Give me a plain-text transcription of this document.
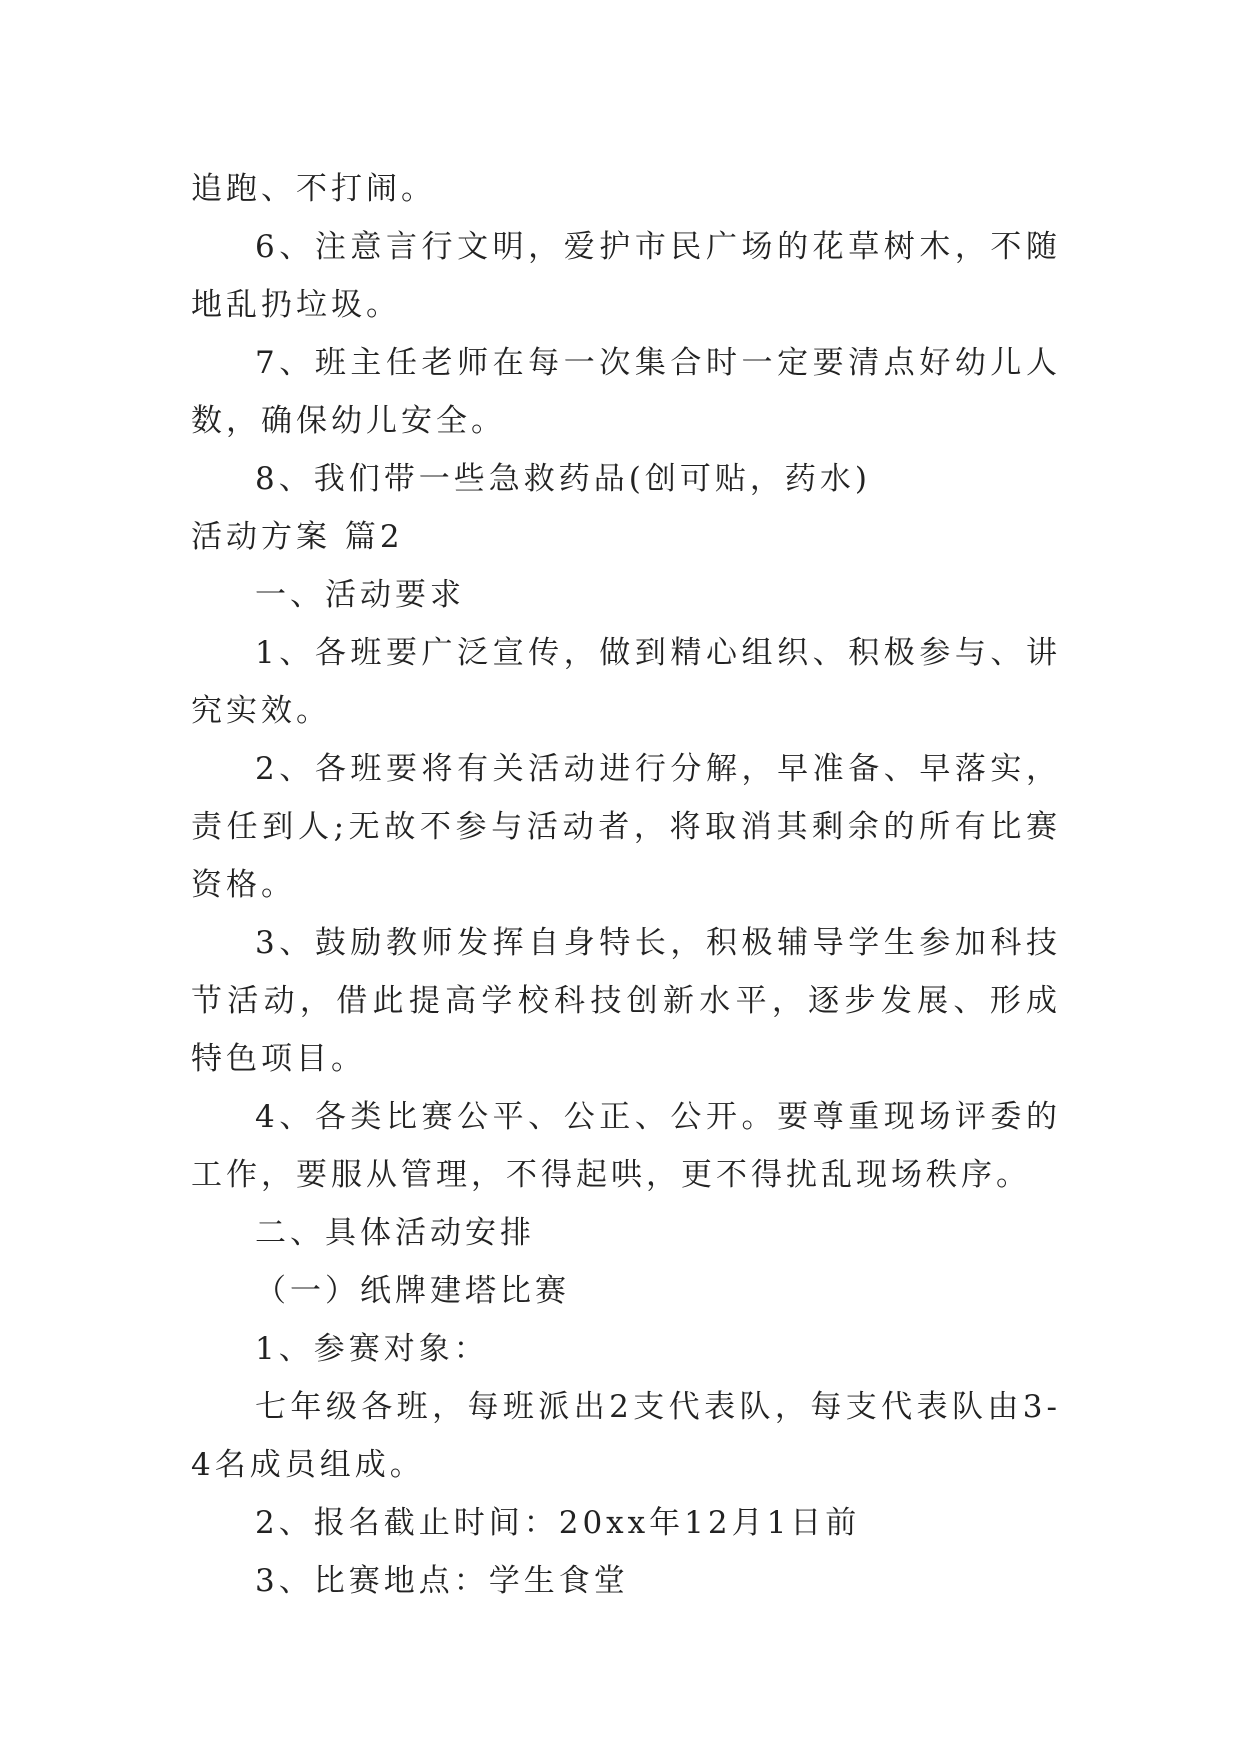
追跑、不打闹。

6、注意言行文明，爱护市民广场的花草树木，不随地乱扔垃圾。

7、班主任老师在每一次集合时一定要清点好幼儿人数，确保幼儿安全。

8、我们带一些急救药品(创可贴，药水)

活动方案 篇2

一、活动要求

1、各班要广泛宣传，做到精心组织、积极参与、讲究实效。

2、各班要将有关活动进行分解，早准备、早落实，责任到人;无故不参与活动者，将取消其剩余的所有比赛资格。

3、鼓励教师发挥自身特长，积极辅导学生参加科技节活动，借此提高学校科技创新水平，逐步发展、形成特色项目。

4、各类比赛公平、公正、公开。要尊重现场评委的工作，要服从管理，不得起哄，更不得扰乱现场秩序。

二、具体活动安排

（一）纸牌建塔比赛

1、参赛对象：

七年级各班，每班派出2支代表队，每支代表队由3-4名成员组成。

2、报名截止时间：20xx年12月1日前

3、比赛地点：学生食堂
